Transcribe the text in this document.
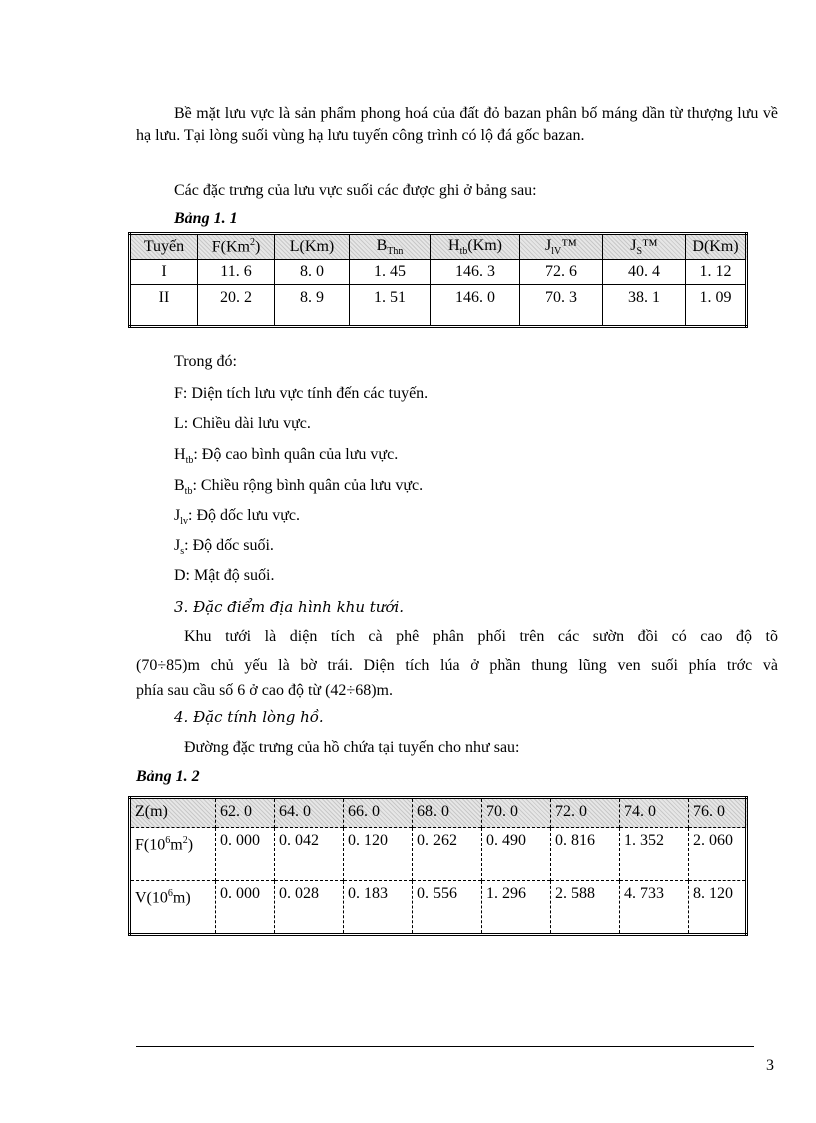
Bề mặt lưu vực là sản phẩm phong hoá của đất đỏ bazan phân bố máng dần từ thượng lưu về hạ lưu. Tại lòng suối vùng hạ lưu tuyến công trình có lộ đá gốc bazan.
Các đặc trưng của lưu vực suối các được ghi ở bảng sau:
Bảng 1. 1
Tuyến	F(Km$^2$)	L(Km)	$B_{Thn}$	$H_{tb}(Km)$	$J_{lV}™$	$J_S™$	D(Km)
I	11. 6	8. 0	1. 45	146. 3	72. 6	40. 4	1. 12
II	20. 2	8. 9	1. 51	146. 0	70. 3	38. 1	1. 09
Trong đó:
F: Diện tích lưu vực tính đến các tuyến.
L: Chiều dài lưu vực.
$H_{tb}$: Độ cao bình quân của lưu vực.
$B_{tb}$: Chiều rộng bình quân của lưu vực.
$J_{lv}$: Độ dốc lưu vực.
$J_s$: Độ dốc suối.
D: Mật độ suối.
3. Đặc điểm địa hình khu tưới.
Khu tưới là diện tích cà phê phân phối trên các sườn đồi có cao độ tõ
(70÷85)m chủ yếu là bờ trái. Diện tích lúa ở phần thung lũng ven suối phía trớc và
phía sau cầu số 6 ở cao độ từ (42÷68)m.
4. Đặc tính lòng hồ.
Đường đặc trưng của hồ chứa tại tuyến cho như sau:
Bảng 1. 2
Z(m)	62. 0	64. 0	66. 0	68. 0	70. 0	72. 0	74. 0	76. 0
$F(10^6m^2)$	0. 000	0. 042	0. 120	0. 262	0. 490	0. 816	1. 352	2. 060
$V(10^6m)$	0. 000	0. 028	0. 183	0. 556	1. 296	2. 588	4. 733	8. 120
3
